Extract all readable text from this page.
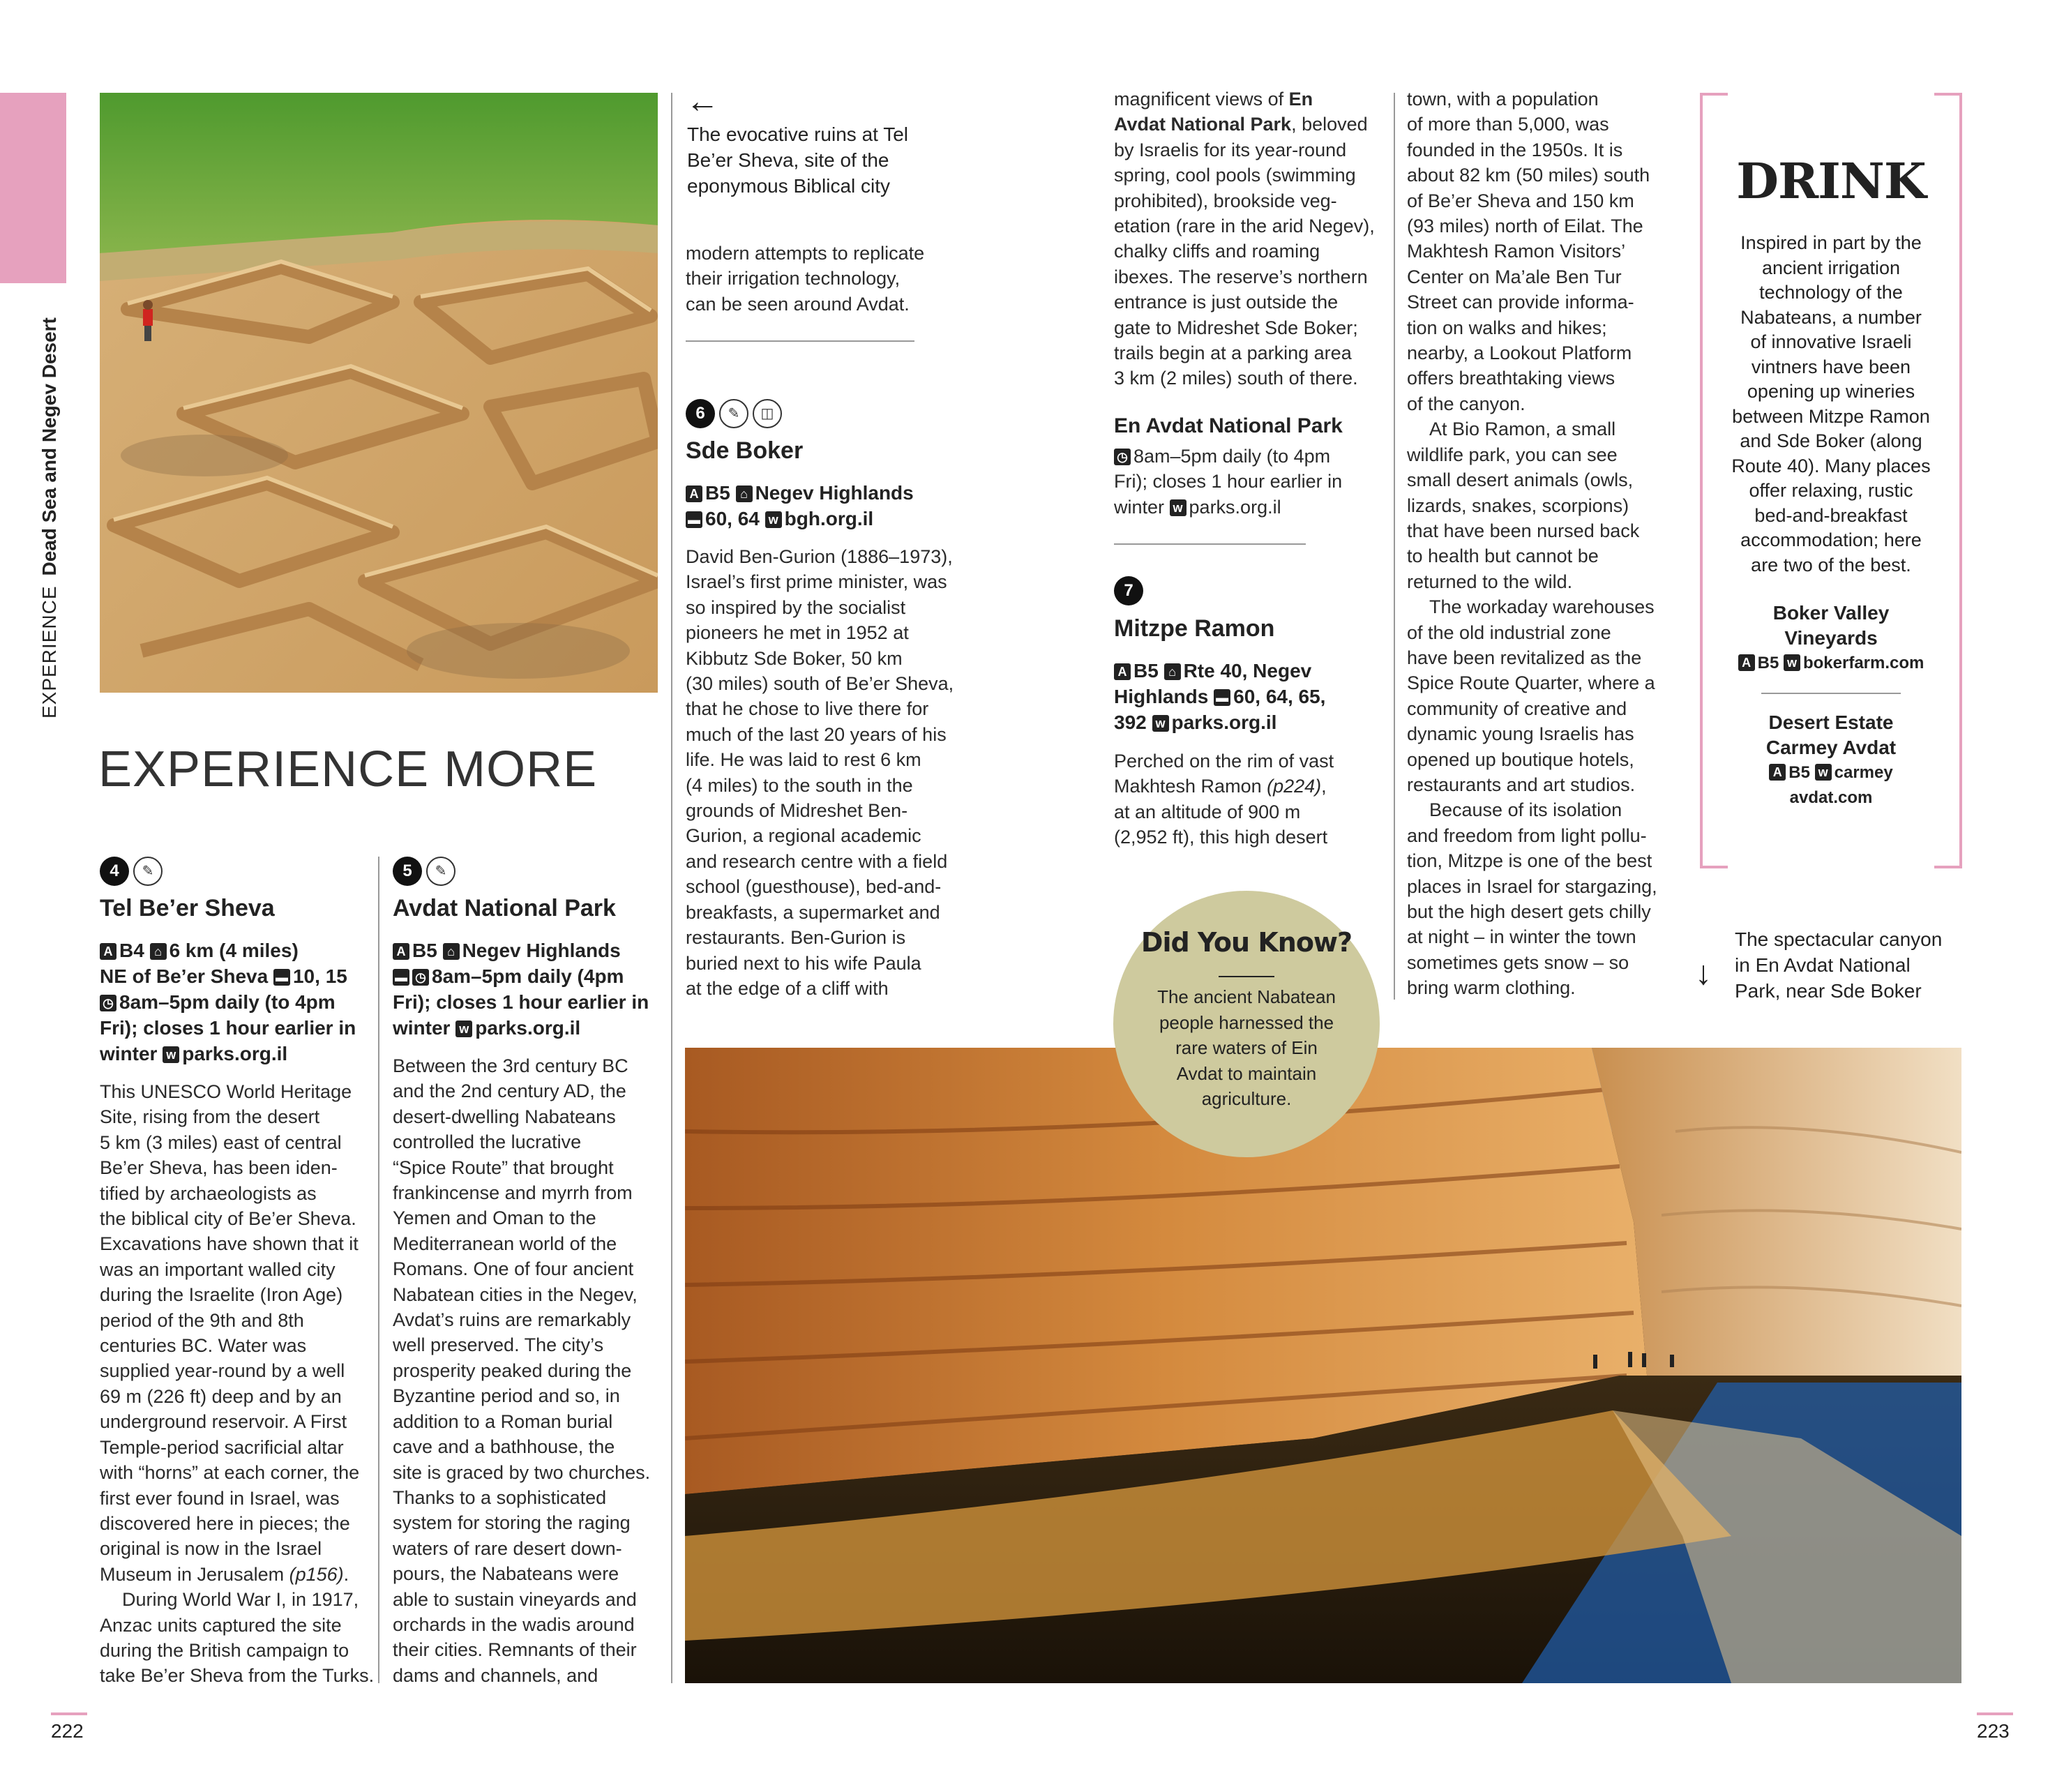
EXPERIENCEDead Sea and Negev Desert
←
The evocative ruins at Tel Be’er Sheva, site of the eponymous Biblical city
EXPERIENCE MORE
4 ✎
Tel Be’er Sheva
A B4 ⌂ 6 km (4 miles)
NE of Be’er Sheva ▬ 10, 15
◷ 8am–5pm daily (to 4pm
Fri); closes 1 hour earlier in
winter w parks.org.il
This UNESCO World Heritage
Site, rising from the desert
5 km (3 miles) east of central
Be’er Sheva, has been iden-
tified by archaeologists as
the biblical city of Be’er Sheva.
Excavations have shown that it
was an important walled city
during the Israelite (Iron Age)
period of the 9th and 8th
centuries BC. Water was
supplied year-round by a well
69 m (226 ft) deep and by an
underground reservoir. A First
Temple-period sacrificial altar
with “horns” at each corner, the
first ever found in Israel, was
discovered here in pieces; the
original is now in the Israel
Museum in Jerusalem (p156).
During World War I, in 1917,
Anzac units captured the site
during the British campaign to
take Be’er Sheva from the Turks.
5 ✎
Avdat National Park
A B5 ⌂ Negev Highlands
▬ ◷ 8am–5pm daily (4pm
Fri); closes 1 hour earlier in
winter w parks.org.il
Between the 3rd century BC
and the 2nd century AD, the
desert-dwelling Nabateans
controlled the lucrative
“Spice Route” that brought
frankincense and myrrh from
Yemen and Oman to the
Mediterranean world of the
Romans. One of four ancient
Nabatean cities in the Negev,
Avdat’s ruins are remarkably
well preserved. The city’s
prosperity peaked during the
Byzantine period and so, in
addition to a Roman burial
cave and a bathhouse, the
site is graced by two churches.
Thanks to a sophisticated
system for storing the raging
waters of rare desert down-
pours, the Nabateans were
able to sustain vineyards and
orchards in the wadis around
their cities. Remnants of their
dams and channels, and
modern attempts to replicate
their irrigation technology,
can be seen around Avdat.
6 ✎ ◫
Sde Boker
A B5 ⌂ Negev Highlands
▬ 60, 64 w bgh.org.il
David Ben-Gurion (1886–1973),
Israel’s first prime minister, was
so inspired by the socialist
pioneers he met in 1952 at
Kibbutz Sde Boker, 50 km
(30 miles) south of Be’er Sheva,
that he chose to live there for
much of the last 20 years of his
life. He was laid to rest 6 km
(4 miles) to the south in the
grounds of Midreshet Ben-
Gurion, a regional academic
and research centre with a field
school (guesthouse), bed-and-
breakfasts, a supermarket and
restaurants. Ben-Gurion is
buried next to his wife Paula
at the edge of a cliff with
magnificent views of En
Avdat National Park, beloved
by Israelis for its year-round
spring, cool pools (swimming
prohibited), brookside veg-
etation (rare in the arid Negev),
chalky cliffs and roaming
ibexes. The reserve’s northern
entrance is just outside the
gate to Midreshet Sde Boker;
trails begin at a parking area
3 km (2 miles) south of there.
En Avdat National Park
◷ 8am–5pm daily (to 4pm
Fri); closes 1 hour earlier in
winter w parks.org.il
7
Mitzpe Ramon
A B5 ⌂ Rte 40, Negev
Highlands ▬ 60, 64, 65,
392 w parks.org.il
Perched on the rim of vast
Makhtesh Ramon (p224),
at an altitude of 900 m
(2,952 ft), this high desert
town, with a population
of more than 5,000, was
founded in the 1950s. It is
about 82 km (50 miles) south
of Be’er Sheva and 150 km
(93 miles) north of Eilat. The
Makhtesh Ramon Visitors’
Center on Ma’ale Ben Tur
Street can provide informa-
tion on walks and hikes;
nearby, a Lookout Platform
offers breathtaking views
of the canyon.
At Bio Ramon, a small
wildlife park, you can see
small desert animals (owls,
lizards, snakes, scorpions)
that have been nursed back
to health but cannot be
returned to the wild.
The workaday warehouses
of the old industrial zone
have been revitalized as the
Spice Route Quarter, where a
community of creative and
dynamic young Israelis has
opened up boutique hotels,
restaurants and art studios.
Because of its isolation
and freedom from light pollu-
tion, Mitzpe is one of the best
places in Israel for stargazing,
but the high desert gets chilly
at night – in winter the town
sometimes gets snow – so
bring warm clothing.
DRINK
Inspired in part by the
ancient irrigation
technology of the
Nabateans, a number
of innovative Israeli
vintners have been
opening up wineries
between Mitzpe Ramon
and Sde Boker (along
Route 40). Many places
offer relaxing, rustic
bed-and-breakfast
accommodation; here
are two of the best.
Boker Valley
Vineyards
A B5 w bokerfarm.com
Desert Estate
Carmey Avdat
A B5 w carmey
avdat.com
The spectacular canyon in En Avdat National Park, near Sde Boker
↓
Did You Know?
The ancient Nabatean
people harnessed the
rare waters of Ein
Avdat to maintain
agriculture.
222	223
